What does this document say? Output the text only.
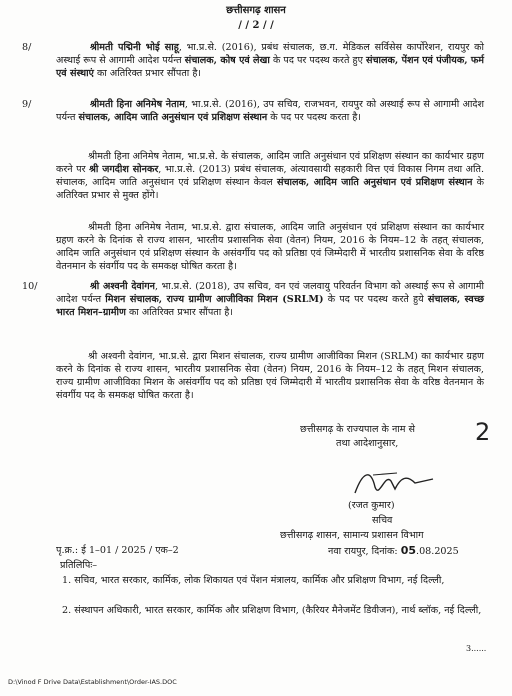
छत्तीसगढ़ शासन
/ / 2 / /
8/	श्रीमती पद्मिनी भोई साहू, भा.प्र.से. (2016), प्रबंध संचालक, छ.ग. मेडिकल सर्विसेस कार्पोरेशन, रायपुर को अस्थाई रूप से आगामी आदेश पर्यन्त संचालक, कोष एवं लेखा के पद पर पदस्थ करते हुए संचालक, पेंशन एवं पंजीयक, फर्म एवं संस्थाएं का अतिरिक्त प्रभार सौंपता है।
9/	श्रीमती हिना अनिमेष नेताम, भा.प्र.से. (2016), उप सचिव, राजभवन, रायपुर को अस्थाई रूप से आगामी आदेश पर्यन्त संचालक, आदिम जाति अनुसंधान एवं प्रशिक्षण संस्थान के पद पर पदस्थ करता है।
श्रीमती हिना अनिमेष नेताम, भा.प्र.से. के संचालक, आदिम जाति अनुसंधान एवं प्रशिक्षण संस्थान का कार्यभार ग्रहण करने पर श्री जगदीश सोनकर, भा.प्र.से. (2013) प्रबंध संचालक, अंत्यावसायी सहकारी वित्त एवं विकास निगम तथा अति. संचालक, आदिम जाति अनुसंधान एवं प्रशिक्षण संस्थान केवल संचालक, आदिम जाति अनुसंधान एवं प्रशिक्षण संस्थान के अतिरिक्त प्रभार से मुक्त होंगे।
श्रीमती हिना अनिमेष नेताम, भा.प्र.से. द्वारा संचालक, आदिम जाति अनुसंधान एवं प्रशिक्षण संस्थान का कार्यभार ग्रहण करने के दिनांक से राज्य शासन, भारतीय प्रशासनिक सेवा (वेतन) नियम, 2016 के नियम–12 के तहत् संचालक, आदिम जाति अनुसंधान एवं प्रशिक्षण संस्थान के असंवर्गीय पद को प्रतिष्ठा एवं जिम्मेदारी में भारतीय प्रशासनिक सेवा के वरिष्ठ वेतनमान के संवर्गीय पद के समकक्ष घोषित करता है।
10/	श्री अश्वनी देवांगन, भा.प्र.से. (2018), उप सचिव, वन एवं जलवायु परिवर्तन विभाग को अस्थाई रूप से आगामी आदेश पर्यन्त मिशन संचालक, राज्य ग्रामीण आजीविका मिशन (SRLM) के पद पर पदस्थ करते हुये संचालक, स्वच्छ भारत मिशन–ग्रामीण का अतिरिक्त प्रभार सौंपता है।
श्री अश्वनी देवांगन, भा.प्र.से. द्वारा मिशन संचालक, राज्य ग्रामीण आजीविका मिशन (SRLM) का कार्यभार ग्रहण करने के दिनांक से राज्य शासन, भारतीय प्रशासनिक सेवा (वेतन) नियम, 2016 के नियम–12 के तहत् मिशन संचालक, राज्य ग्रामीण आजीविका मिशन के असंवर्गीय पद को प्रतिष्ठा एवं जिम्मेदारी में भारतीय प्रशासनिक सेवा के वरिष्ठ वेतनमान के संवर्गीय पद के समकक्ष घोषित करता है।
छत्तीसगढ़ के राज्यपाल के नाम से
तथा आदेशानुसार,	2
(रजत कुमार)
सचिव
छत्तीसगढ़ शासन, सामान्य प्रशासन विभाग
नवा रायपुर, दिनांक: 05.08.2025
पृ.क्र.: ई 1–01 / 2025 / एक–2
प्रतिलिपिः–
1. सचिव, भारत सरकार, कार्मिक, लोक शिकायत एवं पेंशन मंत्रालय, कार्मिक और प्रशिक्षण विभाग, नई दिल्ली,
2. संस्थापन अधिकारी, भारत सरकार, कार्मिक और प्रशिक्षण विभाग, (कैरियर मैनेजमेंट डिवीजन), नार्थ ब्लॉक, नई दिल्ली,
3......
D:\Vinod F Drive Data\Establishment\Order-IAS.DOC
